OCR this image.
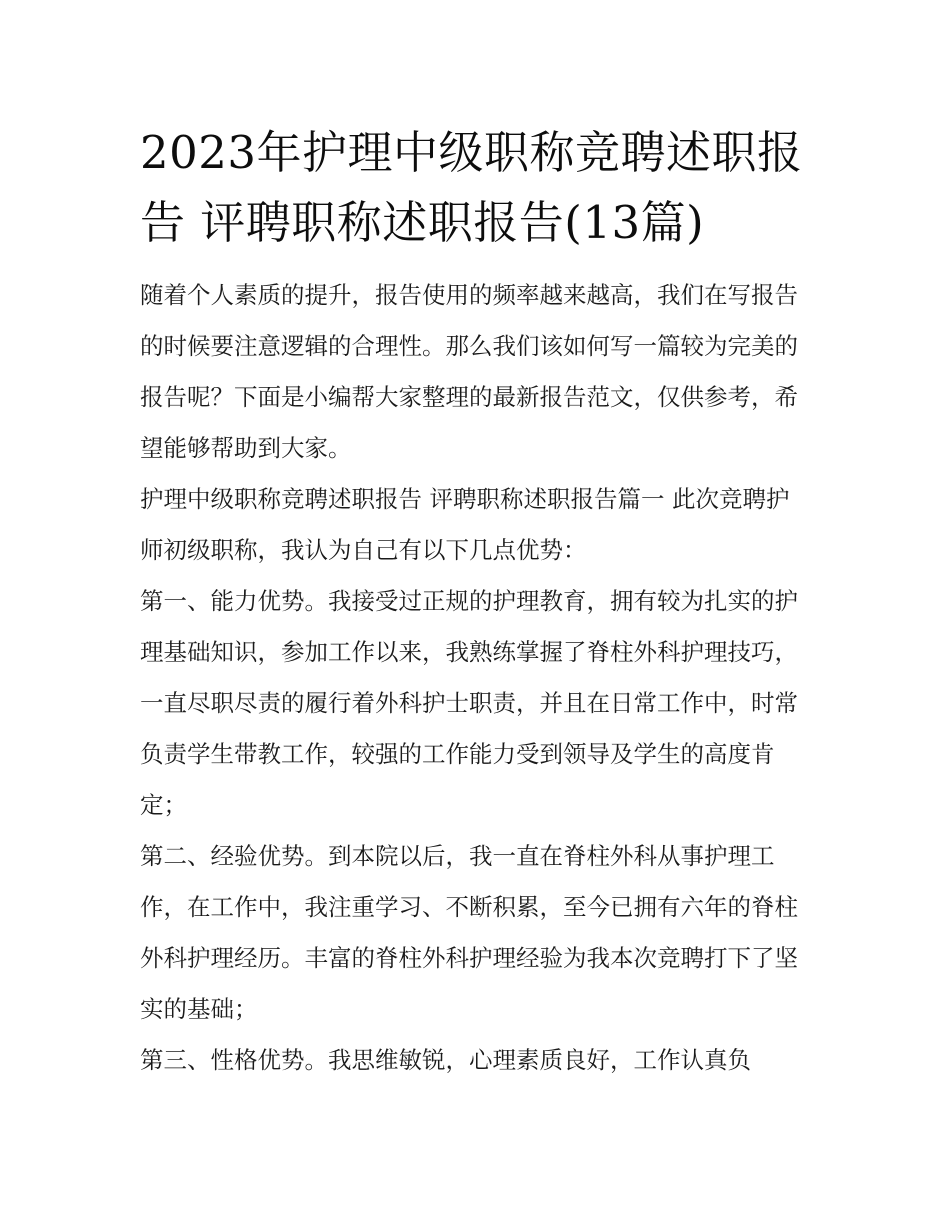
2023年护理中级职称竞聘述职报告 评聘职称述职报告(13篇)

随着个人素质的提升，报告使用的频率越来越高，我们在写报告的时候要注意逻辑的合理性。那么我们该如何写一篇较为完美的报告呢？下面是小编帮大家整理的最新报告范文，仅供参考，希望能够帮助到大家。

护理中级职称竞聘述职报告 评聘职称述职报告篇一 此次竞聘护师初级职称，我认为自己有以下几点优势：

第一、能力优势。我接受过正规的护理教育，拥有较为扎实的护理基础知识，参加工作以来，我熟练掌握了脊柱外科护理技巧，一直尽职尽责的履行着外科护士职责，并且在日常工作中，时常负责学生带教工作，较强的工作能力受到领导及学生的高度肯定；

第二、经验优势。到本院以后，我一直在脊柱外科从事护理工作，在工作中，我注重学习、不断积累，至今已拥有六年的脊柱外科护理经历。丰富的脊柱外科护理经验为我本次竞聘打下了坚实的基础；

第三、性格优势。我思维敏锐，心理素质良好，工作认真负
